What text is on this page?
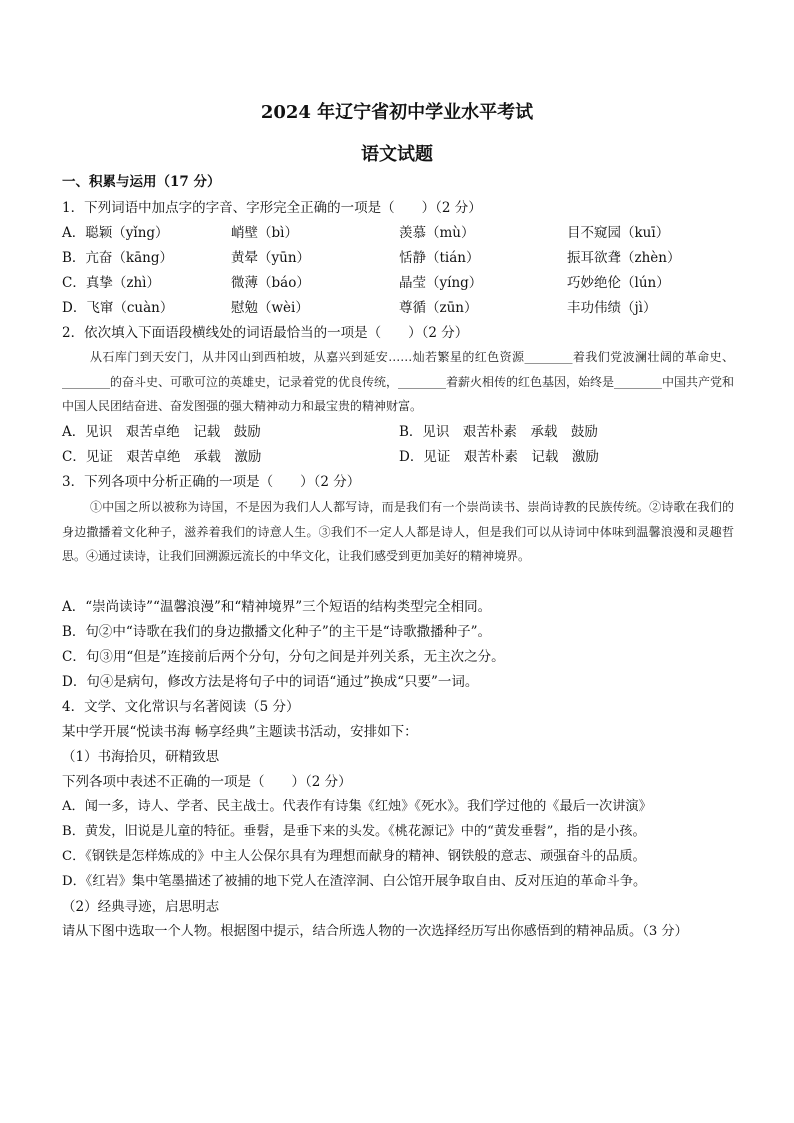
2024 年辽宁省初中学业水平考试
语文试题
一、积累与运用（17 分）
1．下列词语中加点字的字音、字形完全正确的一项是（　　）（2 分）
A．聪颖（yǐng）	峭壁（bì）	羡慕（mù）	目不窥园（kuī）
B．亢奋（kāng）	黄晕（yūn）	恬静（tián）	振耳欲聋（zhèn）
C．真挚（zhì）	微薄（báo）	晶莹（yíng）	巧妙绝伦（lún）
D．飞窜（cuàn）	慰勉（wèi）	尊循（zūn）	丰功伟绩（jì）
2．依次填入下面语段横线处的词语最恰当的一项是（　　）（2 分）
从石库门到天安门，从井冈山到西柏坡，从嘉兴到延安……灿若繁星的红色资源________着我们党波澜壮阔的革命史、________的奋斗史、可歌可泣的英雄史，记录着党的优良传统，________着薪火相传的红色基因，始终是________中国共产党和中国人民团结奋进、奋发图强的强大精神动力和最宝贵的精神财富。
A．见识　艰苦卓绝　记载　鼓励	B．见识　艰苦朴素　承载　鼓励
C．见证　艰苦卓绝　承载　激励	D．见证　艰苦朴素　记载　激励
3．下列各项中分析正确的一项是（　　）（2 分）
①中国之所以被称为诗国，不是因为我们人人都写诗，而是我们有一个崇尚读书、崇尚诗教的民族传统。②诗歌在我们的身边撒播着文化种子，滋养着我们的诗意人生。③我们不一定人人都是诗人，但是我们可以从诗词中体味到温馨浪漫和灵趣哲思。④通过读诗，让我们回溯源远流长的中华文化，让我们感受到更加美好的精神境界。
A．“崇尚读诗”“温馨浪漫”和“精神境界”三个短语的结构类型完全相同。
B．句②中“诗歌在我们的身边撒播文化种子”的主干是“诗歌撒播种子”。
C．句③用“但是”连接前后两个分句，分句之间是并列关系，无主次之分。
D．句④是病句，修改方法是将句子中的词语“通过”换成“只要”一词。
4．文学、文化常识与名著阅读（5 分）
某中学开展“悦读书海 畅享经典”主题读书活动，安排如下：
（1）书海拾贝，研精致思
下列各项中表述不正确的一项是（　　）（2 分）
A．闻一多，诗人、学者、民主战士。代表作有诗集《红烛》《死水》。我们学过他的《最后一次讲演》
B．黄发，旧说是儿童的特征。垂髫，是垂下来的头发。《桃花源记》中的“黄发垂髫”，指的是小孩。
C．《钢铁是怎样炼成的》中主人公保尔具有为理想而献身的精神、钢铁般的意志、顽强奋斗的品质。
D．《红岩》集中笔墨描述了被捕的地下党人在渣滓洞、白公馆开展争取自由、反对压迫的革命斗争。
（2）经典寻迹，启思明志
请从下图中选取一个人物。根据图中提示，结合所选人物的一次选择经历写出你感悟到的精神品质。（3 分）
